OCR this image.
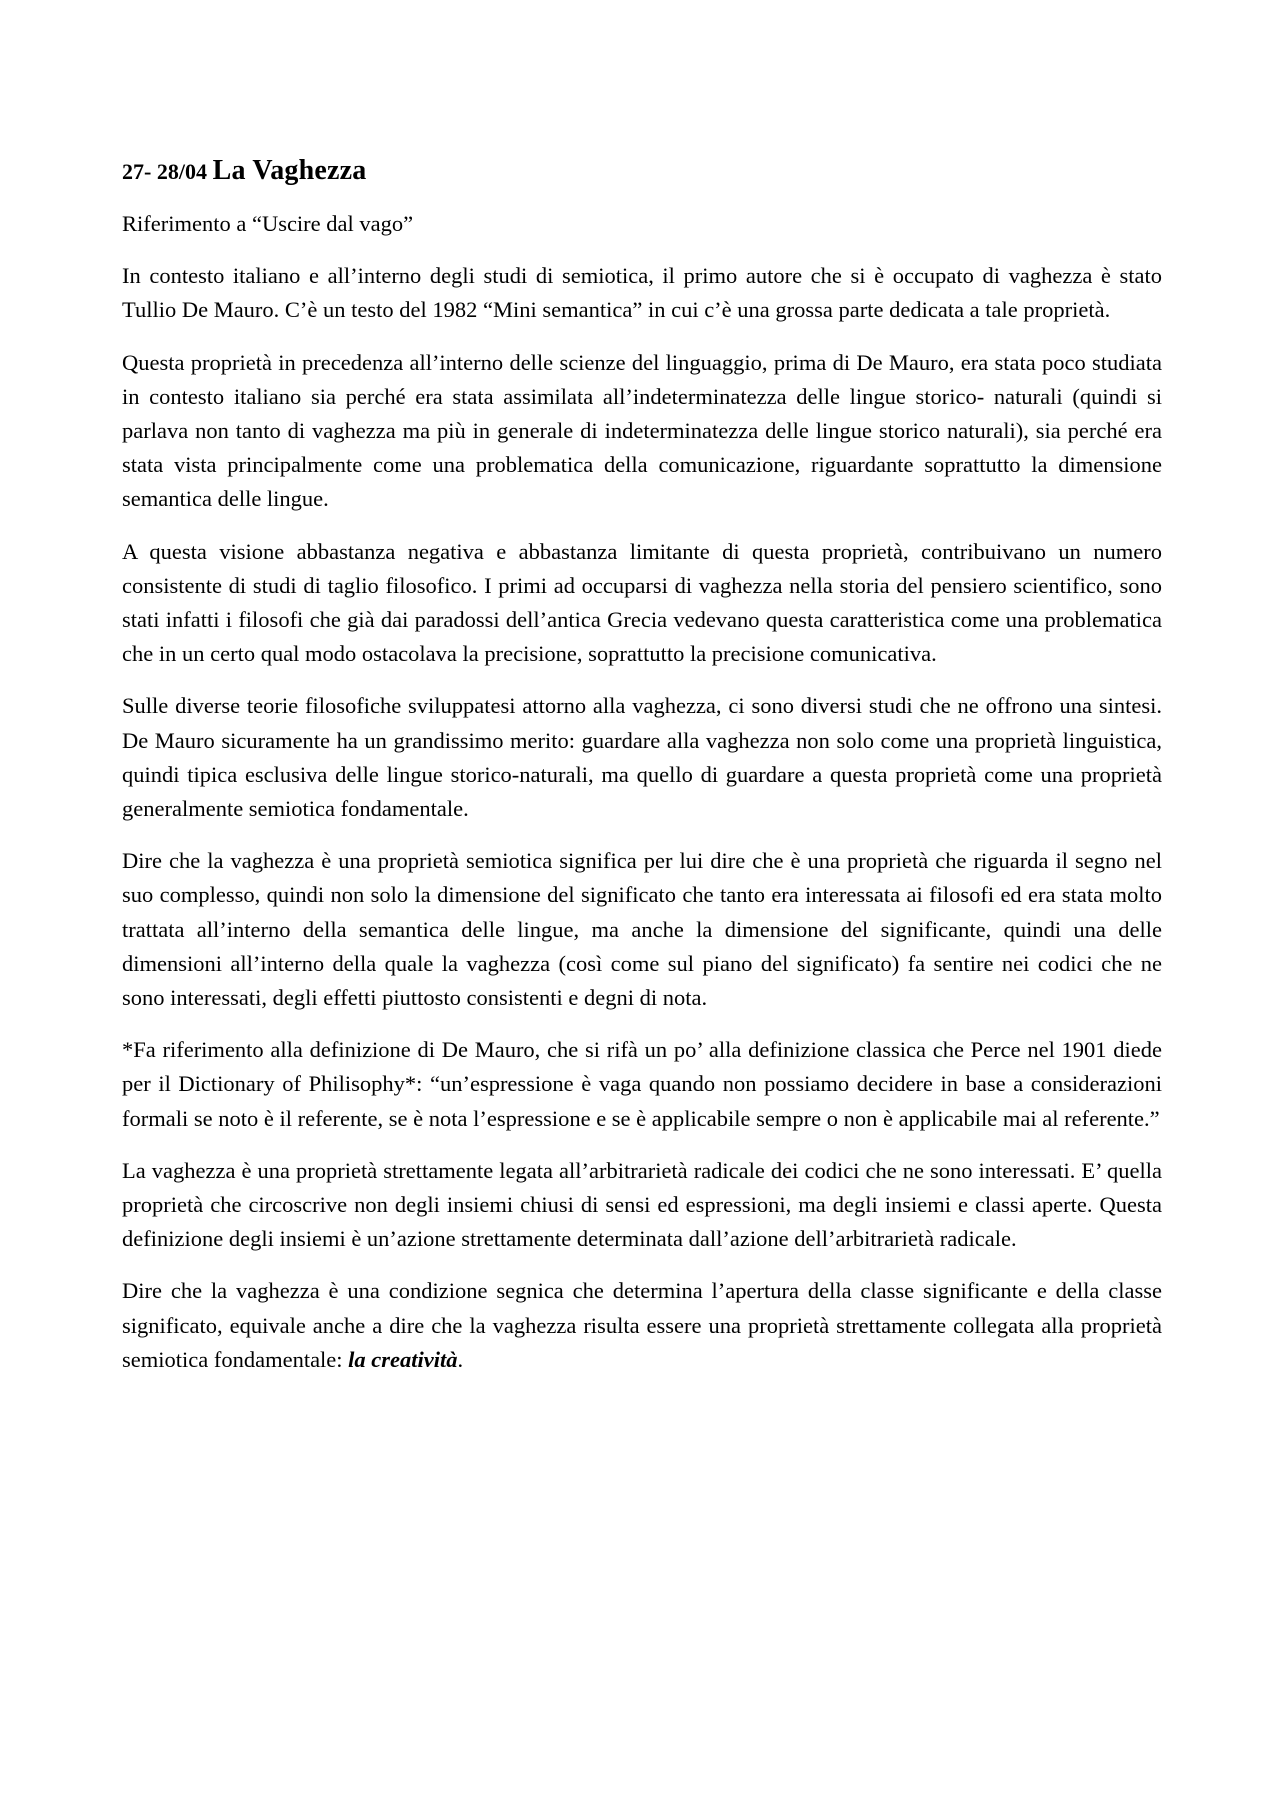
27- 28/04 La Vaghezza
Riferimento a “Uscire dal vago”

In contesto italiano e all’interno degli studi di semiotica, il primo autore che si è occupato di vaghezza è stato Tullio De Mauro. C’è un testo del 1982 “Mini semantica” in cui c’è una grossa parte dedicata a tale proprietà.

Questa proprietà in precedenza all’interno delle scienze del linguaggio, prima di De Mauro, era stata poco studiata in contesto italiano sia perché era stata assimilata all’indeterminatezza delle lingue storico- naturali (quindi si parlava non tanto di vaghezza ma più in generale di indeterminatezza delle lingue storico naturali), sia perché era stata vista principalmente come una problematica della comunicazione, riguardante soprattutto la dimensione semantica delle lingue.

A questa visione abbastanza negativa e abbastanza limitante di questa proprietà, contribuivano un numero consistente di studi di taglio filosofico. I primi ad occuparsi di vaghezza nella storia del pensiero scientifico, sono stati infatti i filosofi che già dai paradossi dell’antica Grecia vedevano questa caratteristica come una problematica che in un certo qual modo ostacolava la precisione, soprattutto la precisione comunicativa.

Sulle diverse teorie filosofiche sviluppatesi attorno alla vaghezza, ci sono diversi studi che ne offrono una sintesi. De Mauro sicuramente ha un grandissimo merito: guardare alla vaghezza non solo come una proprietà linguistica, quindi tipica esclusiva delle lingue storico-naturali, ma quello di guardare a questa proprietà come una proprietà generalmente semiotica fondamentale.

Dire che la vaghezza è una proprietà semiotica significa per lui dire che è una proprietà che riguarda il segno nel suo complesso, quindi non solo la dimensione del significato che tanto era interessata ai filosofi ed era stata molto trattata all’interno della semantica delle lingue, ma anche la dimensione del significante, quindi una delle dimensioni all’interno della quale la vaghezza (così come sul piano del significato) fa sentire nei codici che ne sono interessati, degli effetti piuttosto consistenti e degni di nota.

*Fa riferimento alla definizione di De Mauro, che si rifà un po’ alla definizione classica che Perce nel 1901 diede per il Dictionary of Philisophy*: “un’espressione è vaga quando non possiamo decidere in base a considerazioni formali se noto è il referente, se è nota l’espressione e se è applicabile sempre o non è applicabile mai al referente.”

La vaghezza è una proprietà strettamente legata all’arbitrarietà radicale dei codici che ne sono interessati. E’ quella proprietà che circoscrive non degli insiemi chiusi di sensi ed espressioni, ma degli insiemi e classi aperte. Questa definizione degli insiemi è un’azione strettamente determinata dall’azione dell’arbitrarietà radicale.

Dire che la vaghezza è una condizione segnica che determina l’apertura della classe significante e della classe significato, equivale anche a dire che la vaghezza risulta essere una proprietà strettamente collegata alla proprietà semiotica fondamentale: la creatività.
